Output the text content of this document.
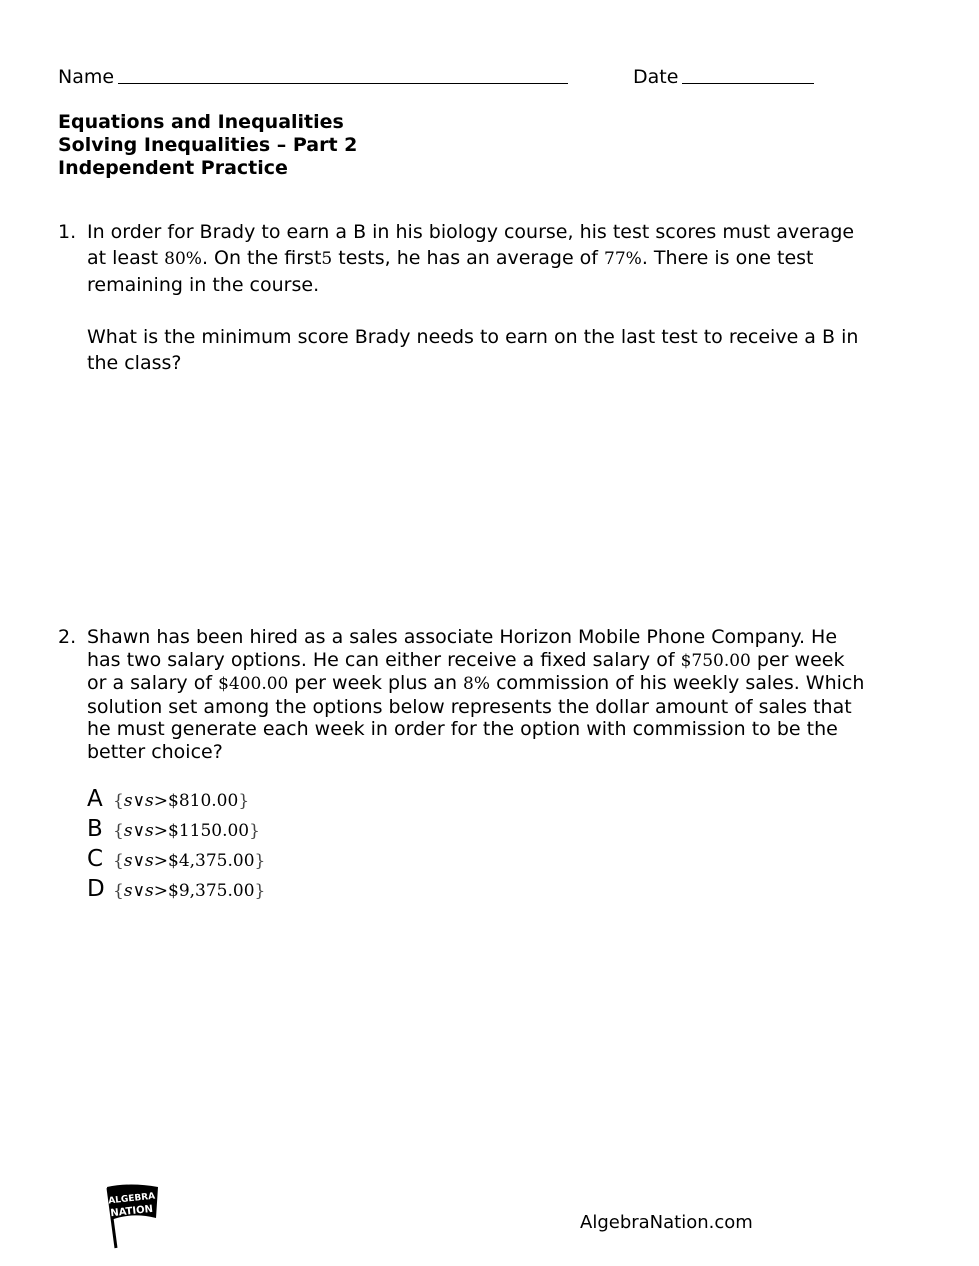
Name	Date
Equations and Inequalities
Solving Inequalities – Part 2
Independent Practice
1. In order for Brady to earn a B in his biology course, his test scores must average at least 80%. On the first5 tests, he has an average of 77%. There is one test remaining in the course.
What is the minimum score Brady needs to earn on the last test to receive a B in the class?
2. Shawn has been hired as a sales associate Horizon Mobile Phone Company. He has two salary options. He can either receive a fixed salary of $750.00 per week or a salary of $400.00 per week plus an 8% commission of his weekly sales. Which solution set among the options below represents the dollar amount of sales that he must generate each week in order for the option with commission to be the better choice?
A {s∨s>$810.00}
B {s∨s>$1150.00}
C {s∨s>$4,375.00}
D {s∨s>$9,375.00}
ALGEBRA
NATION
AlgebraNation.com
